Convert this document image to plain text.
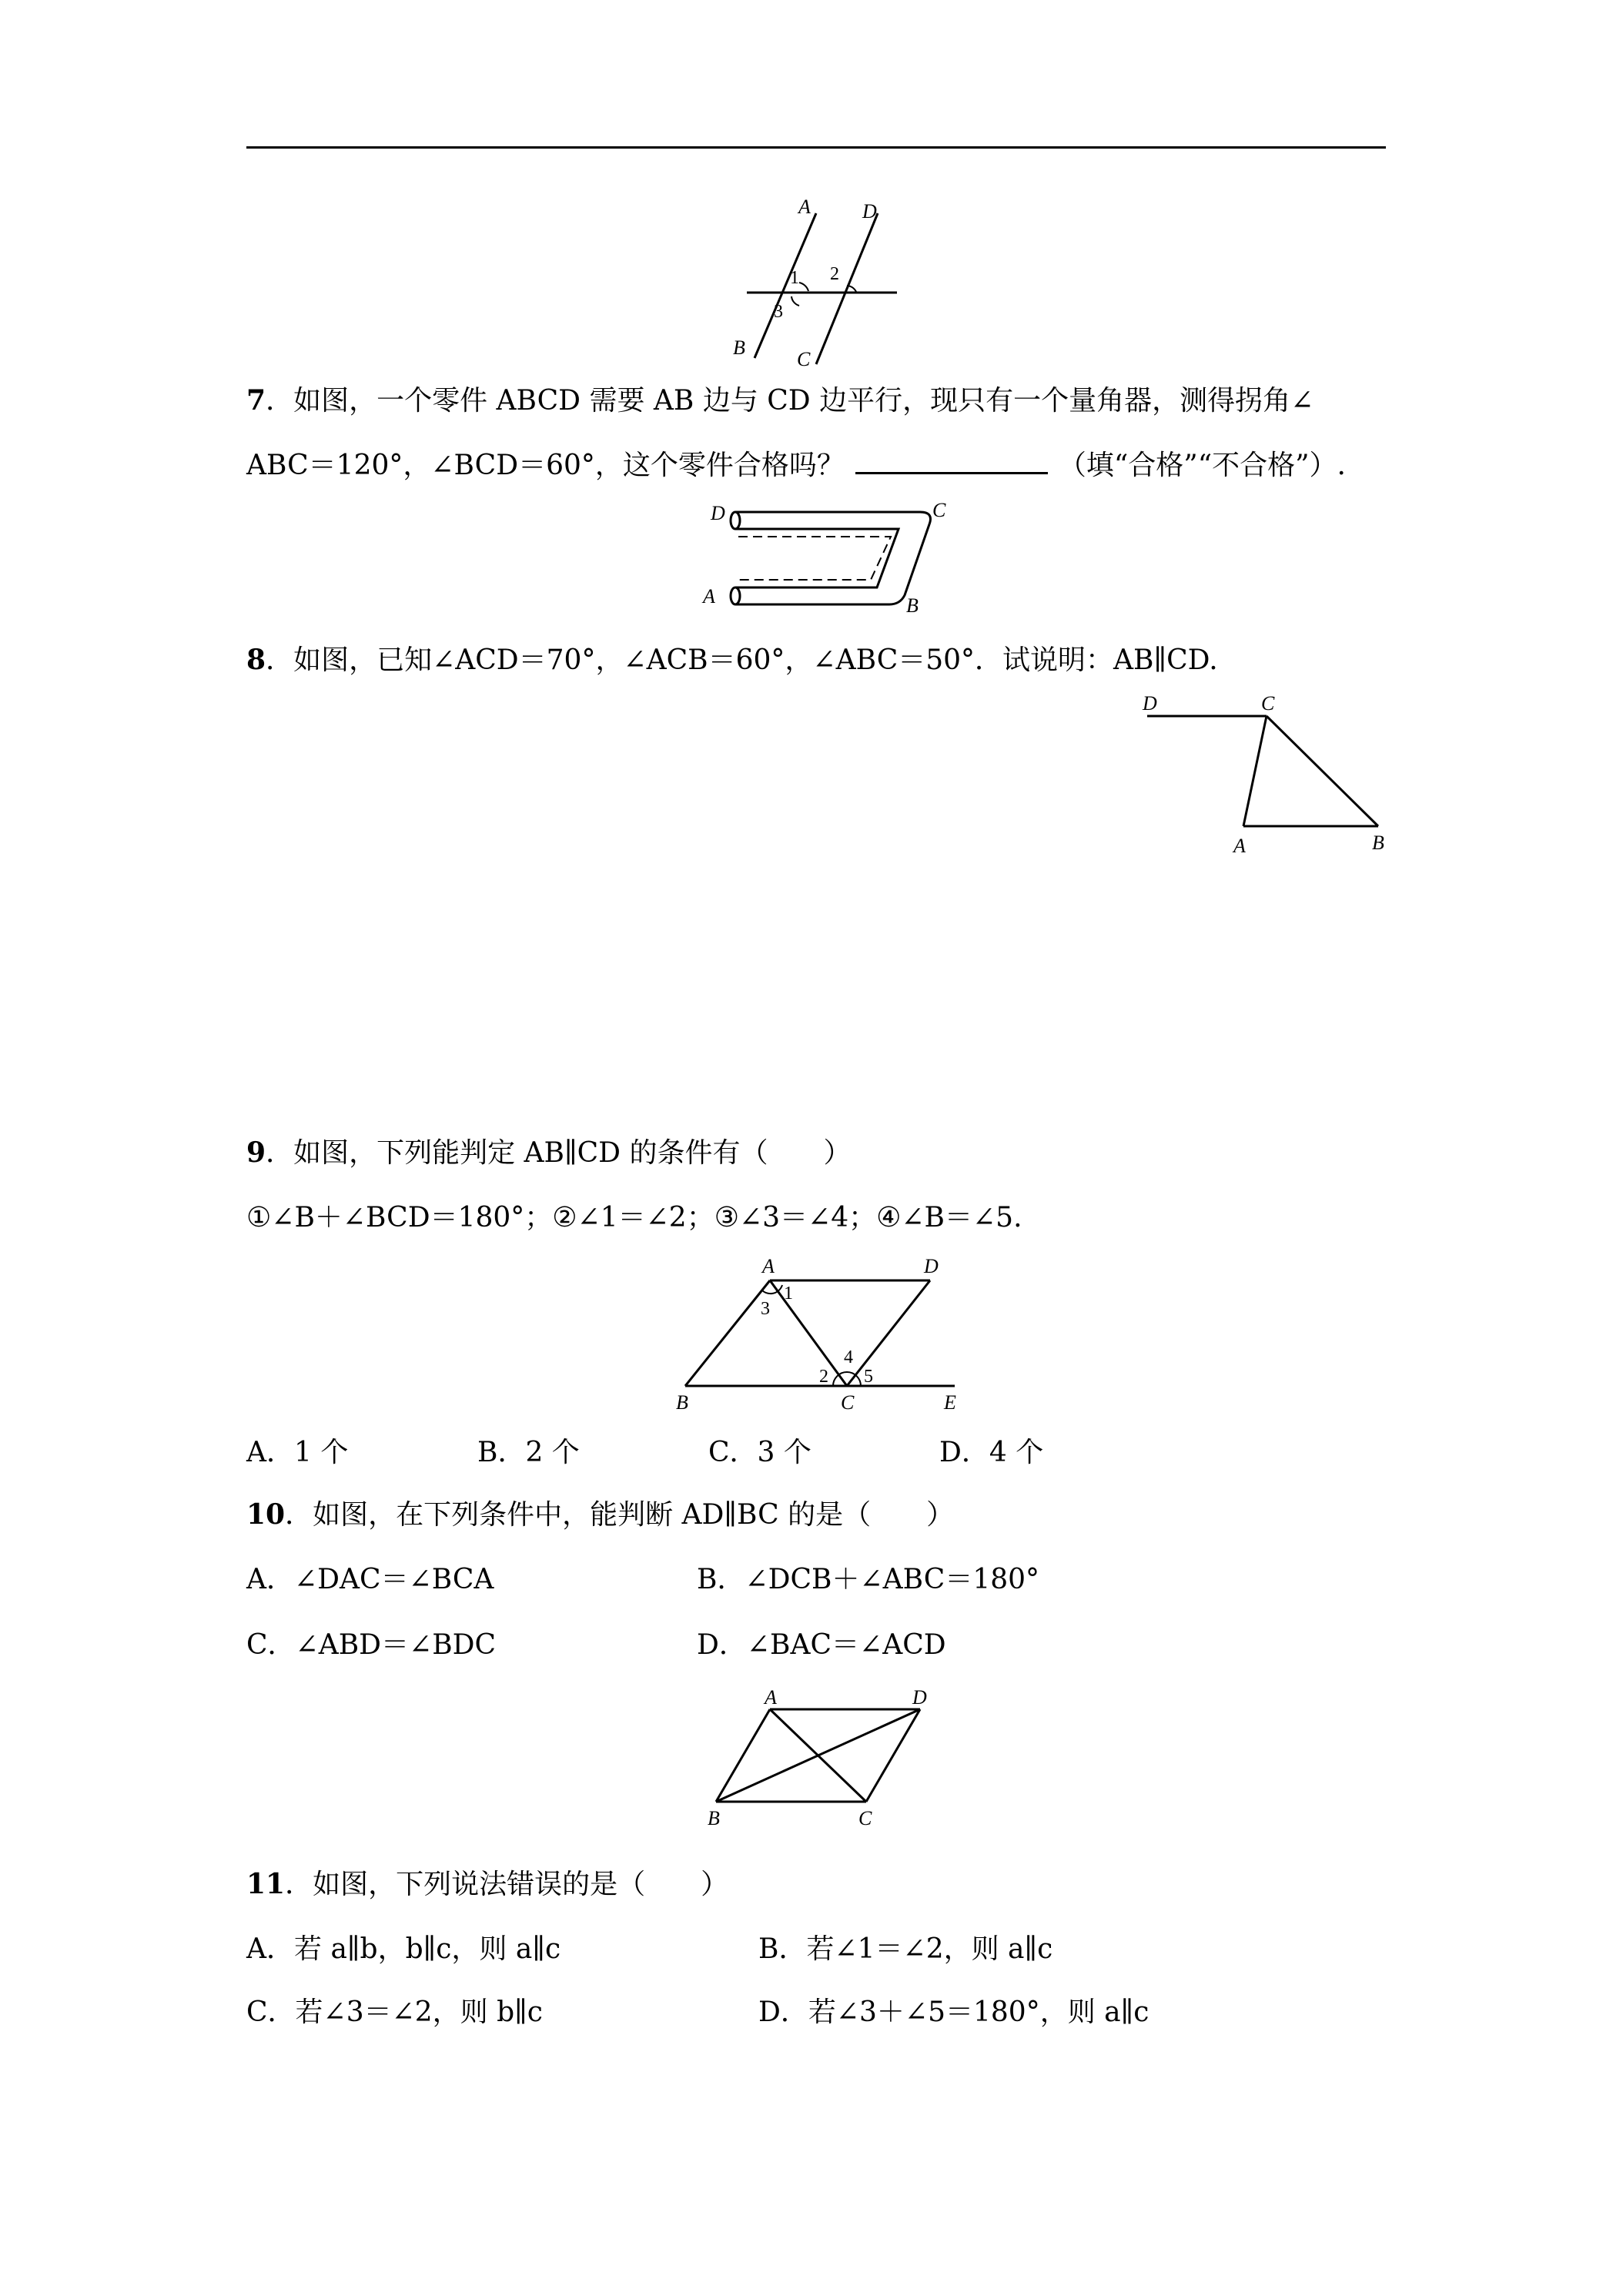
A	D
B
C
1 2
3
7．如图，一个零件 ABCD 需要 AB 边与 CD 边平行，现只有一个量角器，测得拐角∠
ABC＝120°，∠BCD＝60°，这个零件合格吗？	（填“合格”“不合格”）.
D	C
A	B
8．如图，已知∠ACD＝70°，∠ACB＝60°，∠ABC＝50°．试说明：AB∥CD.
D	C
A	B
9．如图，下列能判定 AB∥CD 的条件有（　　）
①∠B＋∠BCD＝180°；②∠1＝∠2；③∠3＝∠4；④∠B＝∠5.
A	D
B	C	E
1
3
4
2 5
A．1 个	B．2 个	C．3 个	D．4 个
10．如图，在下列条件中，能判断 AD∥BC 的是（　　）
A．∠DAC＝∠BCA	B．∠DCB＋∠ABC＝180°
C．∠ABD＝∠BDC	D．∠BAC＝∠ACD
A	D
B	C
11．如图，下列说法错误的是（　　）
A．若 a∥b，b∥c，则 a∥c	B．若∠1＝∠2，则 a∥c
C．若∠3＝∠2，则 b∥c	D．若∠3＋∠5＝180°，则 a∥c
